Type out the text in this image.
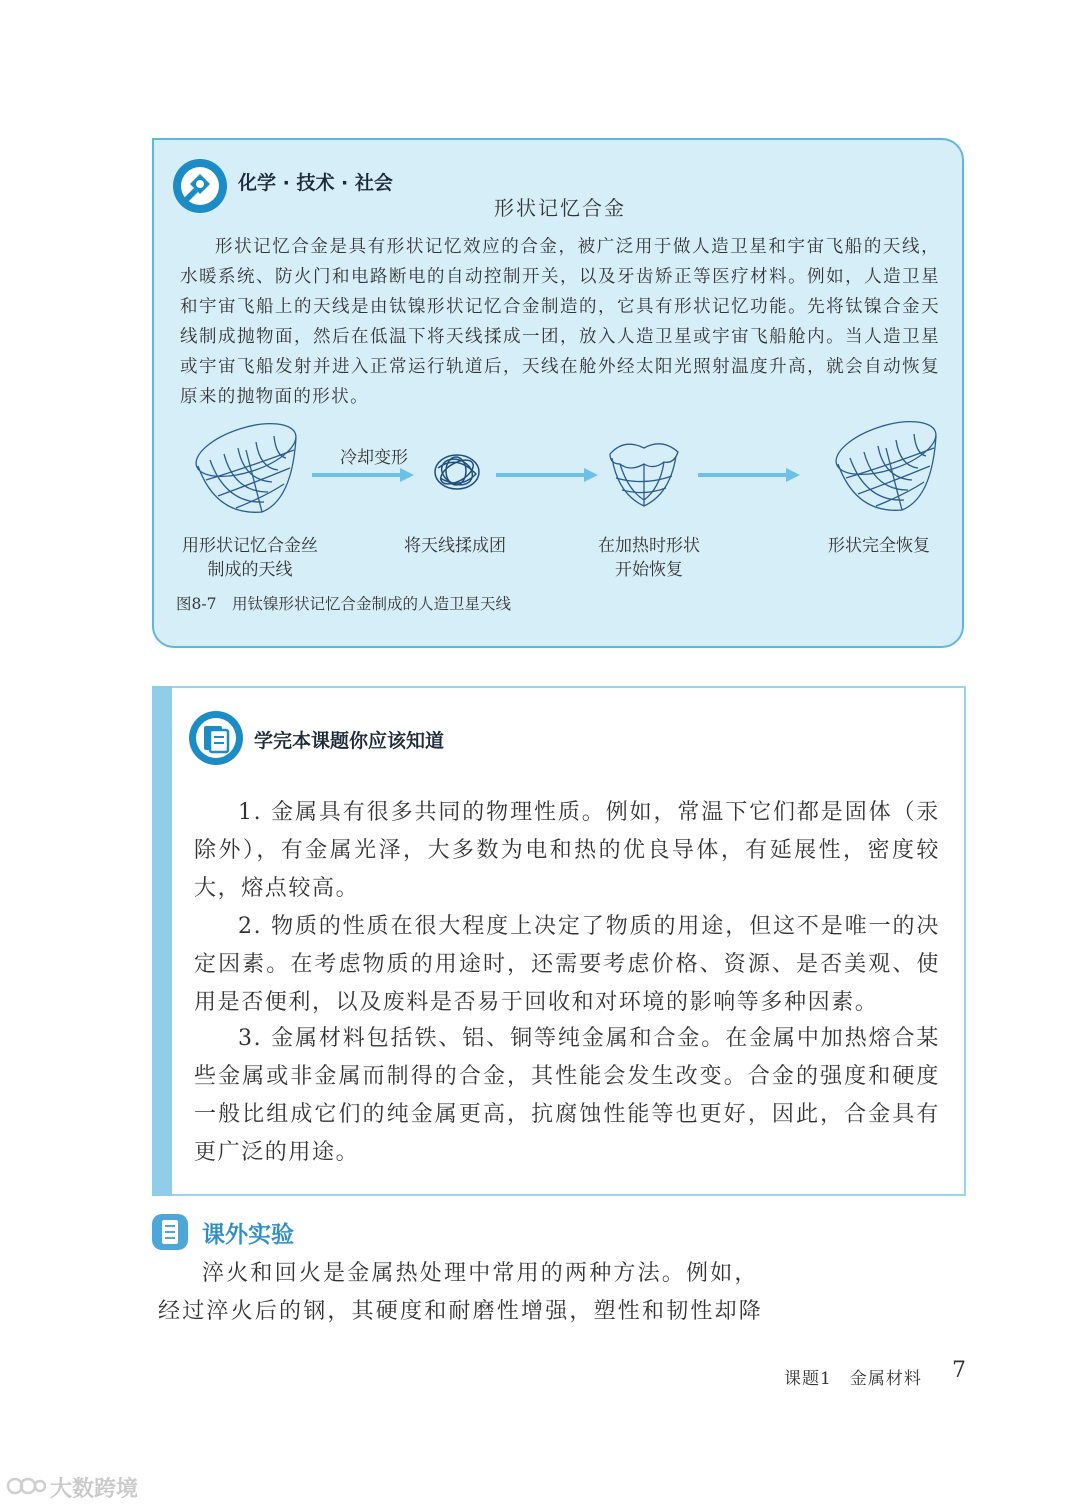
化学 · 技术 · 社会
形状记忆合金

形状记忆合金是具有形状记忆效应的合金，被广泛用于做人造卫星和宇宙飞船的天线，水暖系统、防火门和电路断电的自动控制开关，以及牙齿矫正等医疗材料。例如，人造卫星和宇宙飞船上的天线是由钛镍形状记忆合金制造的，它具有形状记忆功能。先将钛镍合金天线制成抛物面，然后在低温下将天线揉成一团，放入人造卫星或宇宙飞船舱内。当人造卫星或宇宙飞船发射并进入正常运行轨道后，天线在舱外经太阳光照射温度升高，就会自动恢复原来的抛物面的形状。

冷却变形
用形状记忆合金丝
制成的天线
将天线揉成团	在加热时形状
开始恢复
形状完全恢复
图8-7　用钛镍形状记忆合金制成的人造卫星天线
学完本课题你应该知道

1. 金属具有很多共同的物理性质。例如，常温下它们都是固体（汞除外），有金属光泽，大多数为电和热的优良导体，有延展性，密度较大，熔点较高。

2. 物质的性质在很大程度上决定了物质的用途，但这不是唯一的决定因素。在考虑物质的用途时，还需要考虑价格、资源、是否美观、使用是否便利，以及废料是否易于回收和对环境的影响等多种因素。

3. 金属材料包括铁、铝、铜等纯金属和合金。在金属中加热熔合某些金属或非金属而制得的合金，其性能会发生改变。合金的强度和硬度一般比组成它们的纯金属更高，抗腐蚀性能等也更好，因此，合金具有更广泛的用途。

课外实验

淬火和回火是金属热处理中常用的两种方法。例如，经过淬火后的钢，其硬度和耐磨性增强，塑性和韧性却降

课题1　金属材料 7
大数跨境
